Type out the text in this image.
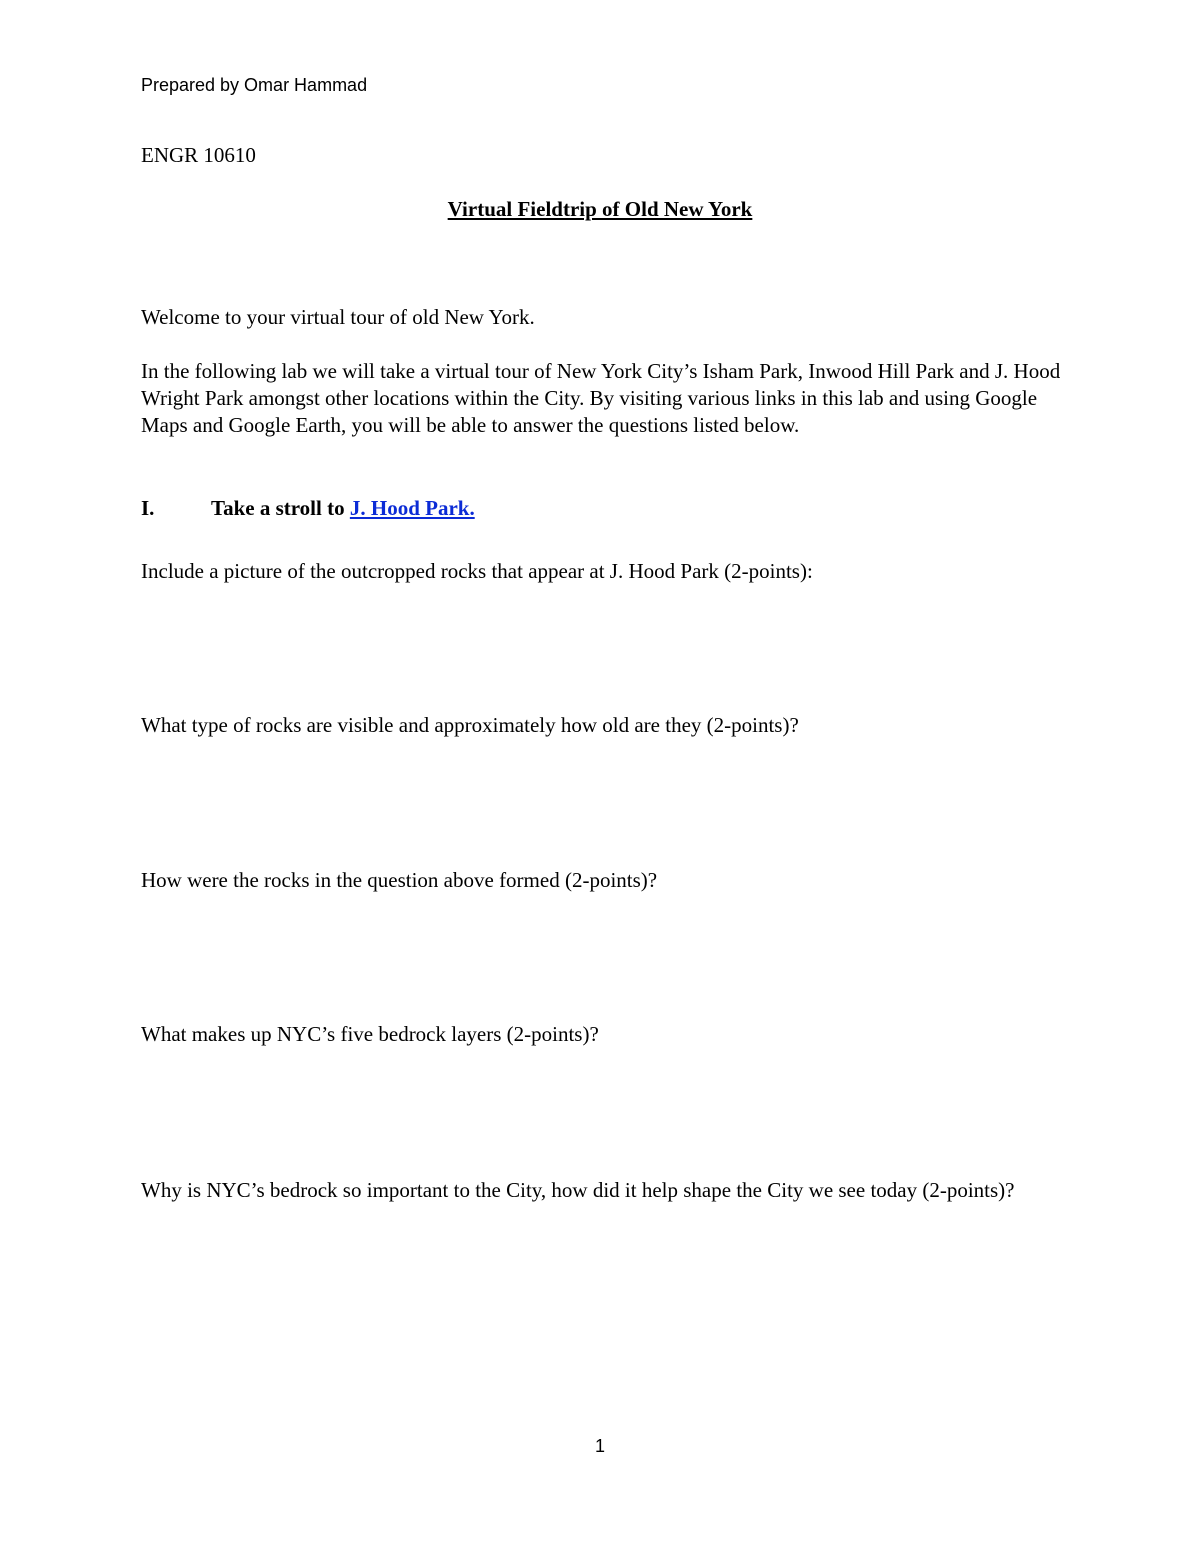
Prepared by Omar Hammad
ENGR 10610
Virtual Fieldtrip of Old New York

Welcome to your virtual tour of old New York.

In the following lab we will take a virtual tour of New York City’s Isham Park, Inwood Hill Park and J. Hood Wright Park amongst other locations within the City. By visiting various links in this lab and using Google Maps and Google Earth, you will be able to answer the questions listed below.

I.	Take a stroll to J. Hood Park.

Include a picture of the outcropped rocks that appear at J. Hood Park (2-points):

What type of rocks are visible and approximately how old are they (2-points)?

How were the rocks in the question above formed (2-points)?

What makes up NYC’s five bedrock layers (2-points)?

Why is NYC’s bedrock so important to the City, how did it help shape the City we see today (2-points)?

1
